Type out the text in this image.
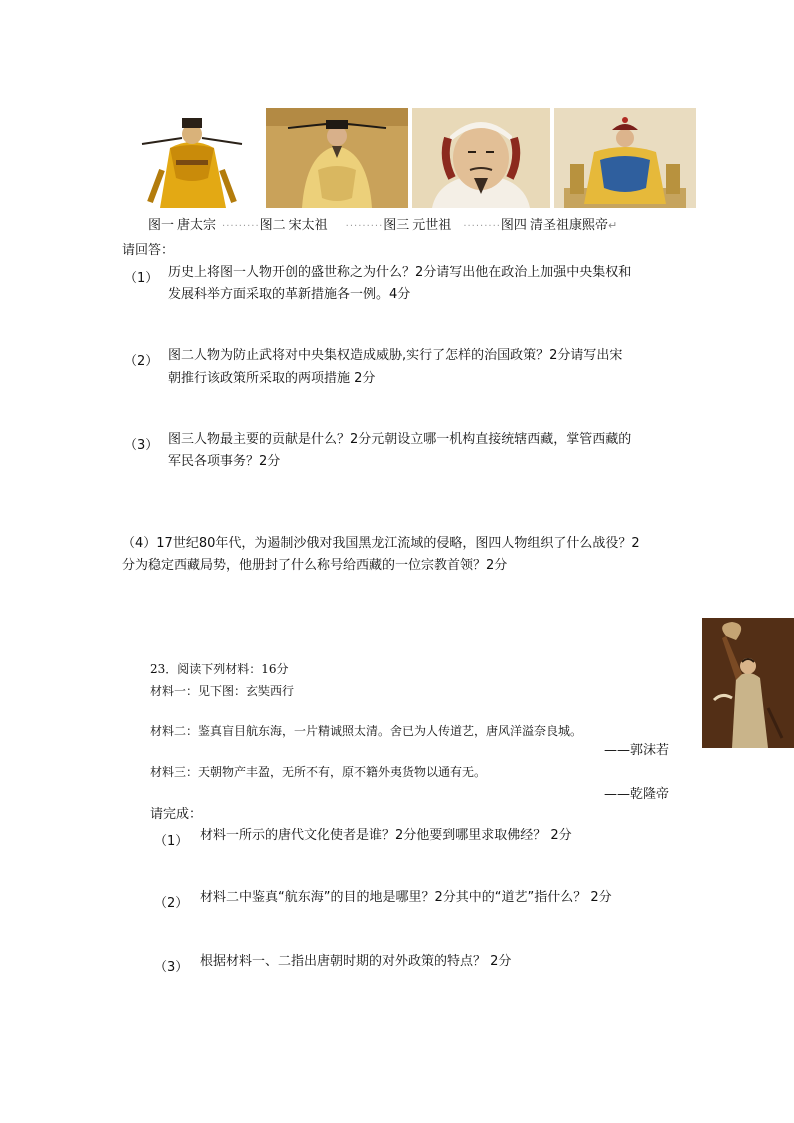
图一 唐太宗 ·········图二 宋太祖 ·········图三 元世祖 ·········图四 清圣祖康熙帝↵
请回答：
（1） 历史上将图一人物开创的盛世称之为什么？2分请写出他在政治上加强中央集权和
发展科举方面采取的革新措施各一例。4分
（2） 图二人物为防止武将对中央集权造成威胁,实行了怎样的治国政策？2分请写出宋
朝推行该政策所采取的两项措施 2分
（3） 图三人物最主要的贡献是什么？2分元朝设立哪一机构直接统辖西藏，掌管西藏的
军民各项事务？2分
（4）17世纪80年代，为遏制沙俄对我国黑龙江流域的侵略，图四人物组织了什么战役？2
分为稳定西藏局势，他册封了什么称号给西藏的一位宗教首领？2分
23．阅读下列材料：16分
材料一：见下图：玄奘西行
材料二：鉴真盲目航东海，一片精诚照太清。舍已为人传道艺，唐风洋溢奈良城。
——郭沫若
材料三：天朝物产丰盈，无所不有，原不籍外夷货物以通有无。
——乾隆帝
请完成：
（1） 材料一所示的唐代文化使者是谁？2分他要到哪里求取佛经？ 2分
（2） 材料二中鉴真“航东海”的目的地是哪里？2分其中的“道艺”指什么？ 2分
（3） 根据材料一、二指出唐朝时期的对外政策的特点？ 2分
